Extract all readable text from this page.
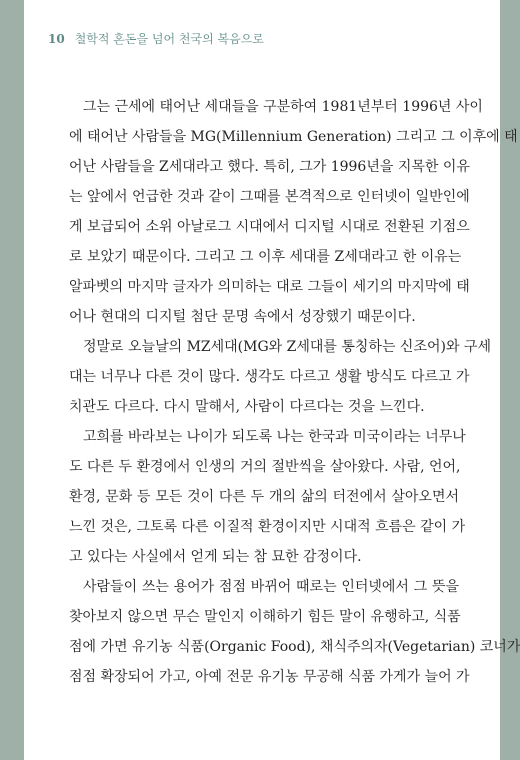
10 철학적 혼돈을 넘어 천국의 복음으로
그는 근세에 태어난 세대들을 구분하여 1981년부터 1996년 사이
에 태어난 사람들을 MG(Millennium Generation) 그리고 그 이후에 태
어난 사람들을 Z세대라고 했다. 특히, 그가 1996년을 지목한 이유
는 앞에서 언급한 것과 같이 그때를 본격적으로 인터넷이 일반인에
게 보급되어 소위 아날로그 시대에서 디지털 시대로 전환된 기점으
로 보았기 때문이다. 그리고 그 이후 세대를 Z세대라고 한 이유는
알파벳의 마지막 글자가 의미하는 대로 그들이 세기의 마지막에 태
어나 현대의 디지털 첨단 문명 속에서 성장했기 때문이다.
정말로 오늘날의 MZ세대(MG와 Z세대를 통칭하는 신조어)와 구세
대는 너무나 다른 것이 많다. 생각도 다르고 생활 방식도 다르고 가
치관도 다르다. 다시 말해서, 사람이 다르다는 것을 느낀다.
고희를 바라보는 나이가 되도록 나는 한국과 미국이라는 너무나
도 다른 두 환경에서 인생의 거의 절반씩을 살아왔다. 사람, 언어,
환경, 문화 등 모든 것이 다른 두 개의 삶의 터전에서 살아오면서
느낀 것은, 그토록 다른 이질적 환경이지만 시대적 흐름은 같이 가
고 있다는 사실에서 얻게 되는 참 묘한 감정이다.
사람들이 쓰는 용어가 점점 바뀌어 때로는 인터넷에서 그 뜻을
찾아보지 않으면 무슨 말인지 이해하기 힘든 말이 유행하고, 식품
점에 가면 유기농 식품(Organic Food), 채식주의자(Vegetarian) 코너가
점점 확장되어 가고, 아예 전문 유기농 무공해 식품 가게가 늘어 가
